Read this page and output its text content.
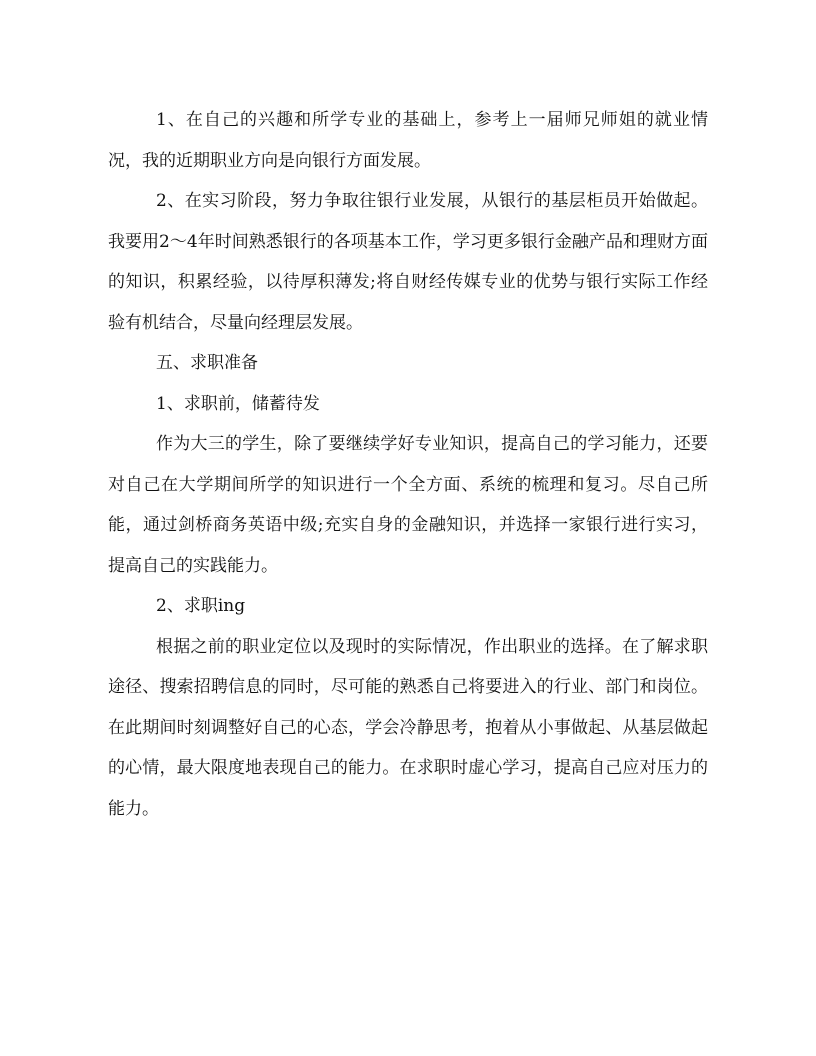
1、在自己的兴趣和所学专业的基础上，参考上一届师兄师姐的就业情况，我的近期职业方向是向银行方面发展。

2、在实习阶段，努力争取往银行业发展，从银行的基层柜员开始做起。我要用2～4年时间熟悉银行的各项基本工作，学习更多银行金融产品和理财方面的知识，积累经验，以待厚积薄发;将自财经传媒专业的优势与银行实际工作经验有机结合，尽量向经理层发展。

五、求职准备

1、求职前，储蓄待发

作为大三的学生，除了要继续学好专业知识，提高自己的学习能力，还要对自己在大学期间所学的知识进行一个全方面、系统的梳理和复习。尽自己所能，通过剑桥商务英语中级;充实自身的金融知识，并选择一家银行进行实习，提高自己的实践能力。

2、求职ing

根据之前的职业定位以及现时的实际情况，作出职业的选择。在了解求职途径、搜索招聘信息的同时，尽可能的熟悉自己将要进入的行业、部门和岗位。在此期间时刻调整好自己的心态，学会冷静思考，抱着从小事做起、从基层做起的心情，最大限度地表现自己的能力。在求职时虚心学习，提高自己应对压力的能力。
